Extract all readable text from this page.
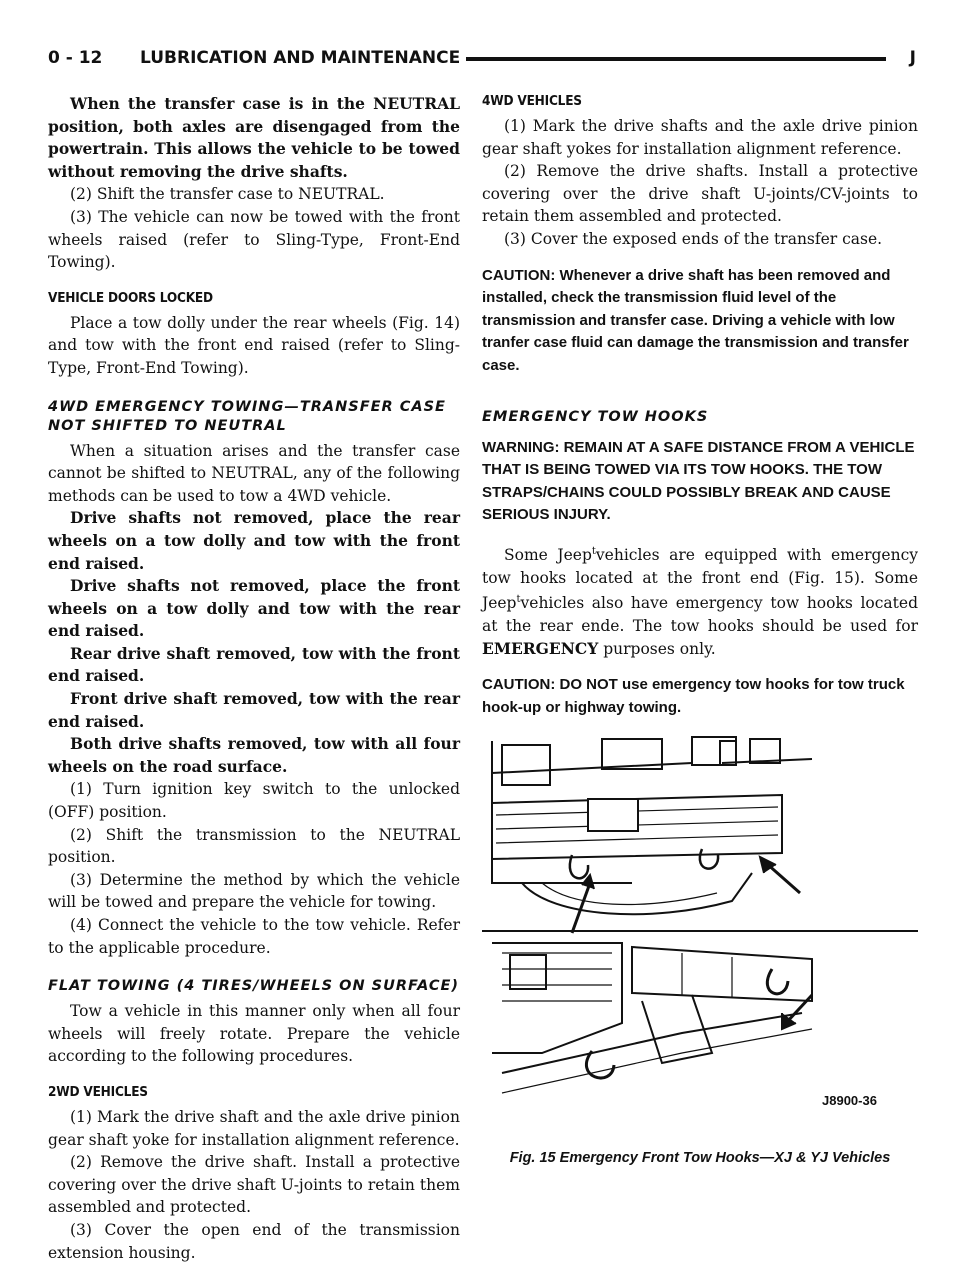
0 - 12 LUBRICATION AND MAINTENANCE	J

When the transfer case is in the NEUTRAL position, both axles are disengaged from the powertrain. This allows the vehicle to be towed without removing the drive shafts.

(2) Shift the transfer case to NEUTRAL.

(3) The vehicle can now be towed with the front wheels raised (refer to Sling-Type, Front-End Towing).

VEHICLE DOORS LOCKED

Place a tow dolly under the rear wheels (Fig. 14) and tow with the front end raised (refer to Sling-Type, Front-End Towing).

4WD EMERGENCY TOWING—TRANSFER CASE NOT SHIFTED TO NEUTRAL

When a situation arises and the transfer case cannot be shifted to NEUTRAL, any of the following methods can be used to tow a 4WD vehicle.

Drive shafts not removed, place the rear wheels on a tow dolly and tow with the front end raised.

Drive shafts not removed, place the front wheels on a tow dolly and tow with the rear end raised.

Rear drive shaft removed, tow with the front end raised.

Front drive shaft removed, tow with the rear end raised.

Both drive shafts removed, tow with all four wheels on the road surface.

(1) Turn ignition key switch to the unlocked (OFF) position.

(2) Shift the transmission to the NEUTRAL position.

(3) Determine the method by which the vehicle will be towed and prepare the vehicle for towing.

(4) Connect the vehicle to the tow vehicle. Refer to the applicable procedure.

FLAT TOWING (4 TIRES/WHEELS ON SURFACE)

Tow a vehicle in this manner only when all four wheels will freely rotate. Prepare the vehicle according to the following procedures.

2WD VEHICLES

(1) Mark the drive shaft and the axle drive pinion gear shaft yoke for installation alignment reference.

(2) Remove the drive shaft. Install a protective covering over the drive shaft U-joints to retain them assembled and protected.

(3) Cover the open end of the transmission extension housing.

4WD VEHICLES

(1) Mark the drive shafts and the axle drive pinion gear shaft yokes for installation alignment reference.

(2) Remove the drive shafts. Install a protective covering over the drive shaft U-joints/CV-joints to retain them assembled and protected.

(3) Cover the exposed ends of the transfer case.

CAUTION: Whenever a drive shaft has been removed and installed, check the transmission fluid level of the transmission and transfer case. Driving a vehicle with low tranfer case fluid can damage the transmission and transfer case.

EMERGENCY TOW HOOKS

WARNING: REMAIN AT A SAFE DISTANCE FROM A VEHICLE THAT IS BEING TOWED VIA ITS TOW HOOKS. THE TOW STRAPS/CHAINS COULD POSSIBLY BREAK AND CAUSE SERIOUS INJURY.

Some Jeep$^t$vehicles are equipped with emergency tow hooks located at the front end (Fig. 15). Some Jeep$^t$vehicles also have emergency tow hooks located at the rear ende. The tow hooks should be used for EMERGENCY purposes only.

CAUTION: DO NOT use emergency tow hooks for tow truck hook-up or highway towing.

J8900-36
Fig. 15 Emergency Front Tow Hooks—XJ & YJ Vehicles
